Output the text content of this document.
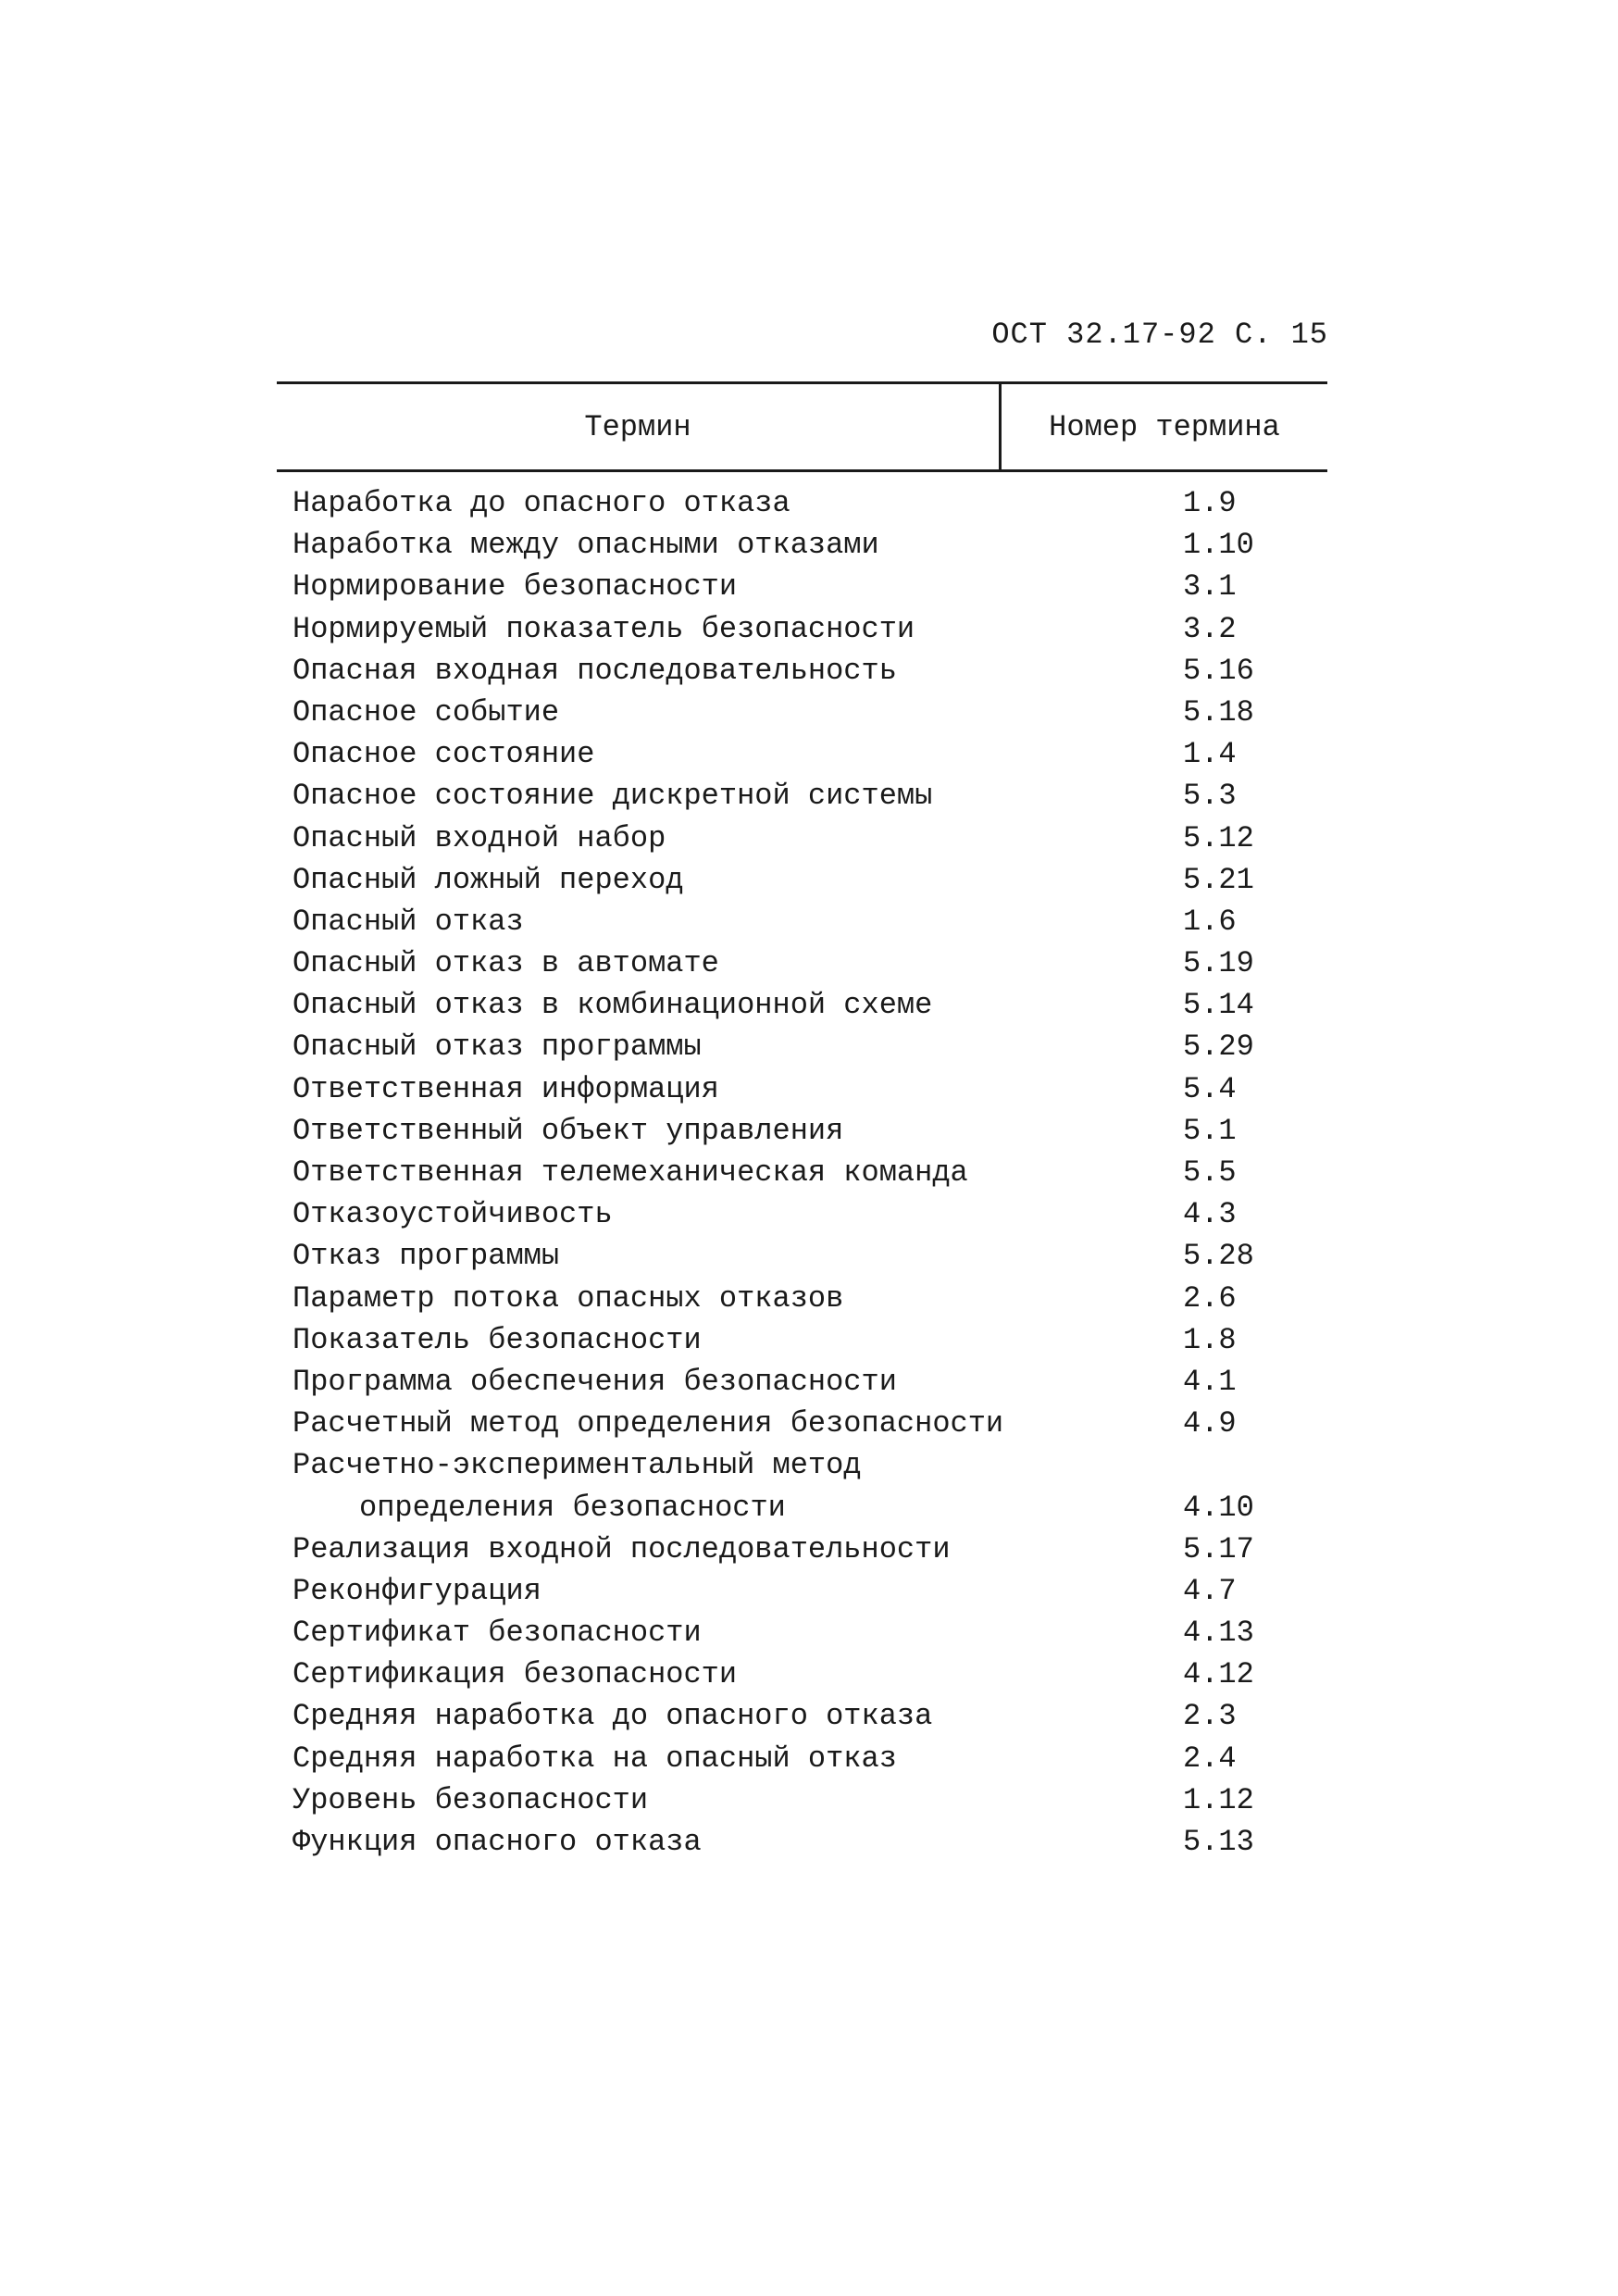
ОСТ 32.17-92 С. 15
Термин	Номер термина
Наработка до опасного отказа	1.9
Наработка между опасными отказами	1.10
Нормирование безопасности	3.1
Нормируемый показатель безопасности	3.2
Опасная входная последовательность	5.16
Опасное событие	5.18
Опасное состояние	1.4
Опасное состояние дискретной системы	5.3
Опасный входной набор	5.12
Опасный ложный переход	5.21
Опасный отказ	1.6
Опасный отказ в автомате	5.19
Опасный отказ в комбинационной схеме	5.14
Опасный отказ программы	5.29
Ответственная информация	5.4
Ответственный объект управления	5.1
Ответственная телемеханическая команда	5.5
Отказоустойчивость	4.3
Отказ программы	5.28
Параметр потока опасных отказов	2.6
Показатель безопасности	1.8
Программа обеспечения безопасности	4.1
Расчетный метод определения безопасности	4.9
Расчетно-экспериментальный метод
определения безопасности	4.10
Реализация входной последовательности	5.17
Реконфигурация	4.7
Сертификат безопасности	4.13
Сертификация безопасности	4.12
Средняя наработка до опасного отказа	2.3
Средняя наработка на опасный отказ	2.4
Уровень безопасности	1.12
Функция опасного отказа	5.13
